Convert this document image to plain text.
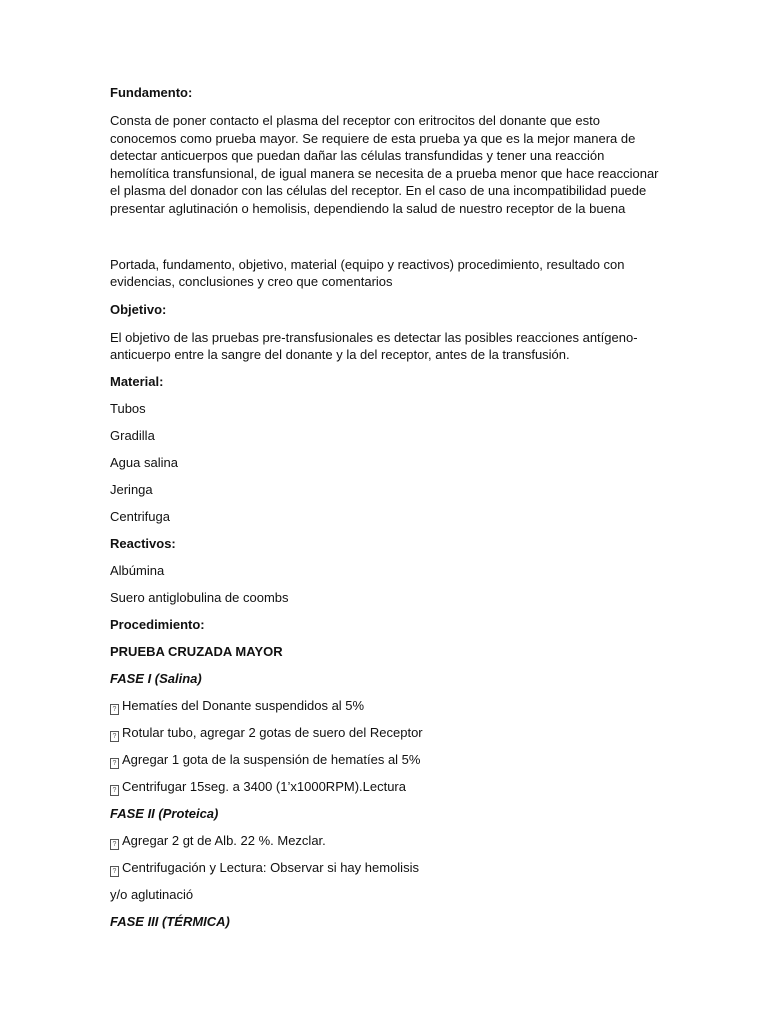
Fundamento:

Consta de poner contacto el plasma del receptor con eritrocitos del donante que esto

conocemos como prueba mayor. Se requiere de esta prueba ya que es la mejor manera de

detectar anticuerpos que puedan dañar las células transfundidas y tener una reacción

hemolítica transfunsional, de igual manera se necesita de a prueba menor que hace reaccionar

el plasma del donador con las células del receptor. En el caso de una incompatibilidad puede

presentar aglutinación o hemolisis, dependiendo la salud de nuestro receptor de la buena

Portada, fundamento, objetivo, material (equipo y reactivos) procedimiento, resultado con

evidencias, conclusiones y creo que comentarios

Objetivo:

El objetivo de las pruebas pre-transfusionales es detectar las posibles reacciones antígeno-

anticuerpo entre la sangre del donante y la del receptor, antes de la transfusión.

Material:

Tubos

Gradilla

Agua salina

Jeringa

Centrifuga

Reactivos:

Albúmina

Suero antiglobulina de coombs

Procedimiento:

PRUEBA CRUZADA MAYOR

FASE I (Salina)

? Hematíes del Donante suspendidos al 5%

? Rotular tubo, agregar 2 gotas de suero del Receptor

? Agregar 1 gota de la suspensión de hematíes al 5%

? Centrifugar 15seg. a 3400 (1’x1000RPM).Lectura

FASE II (Proteica)

? Agregar 2 gt de Alb. 22 %. Mezclar.

? Centrifugación y Lectura: Observar si hay hemolisis

y/o aglutinació

FASE III (TÉRMICA)
